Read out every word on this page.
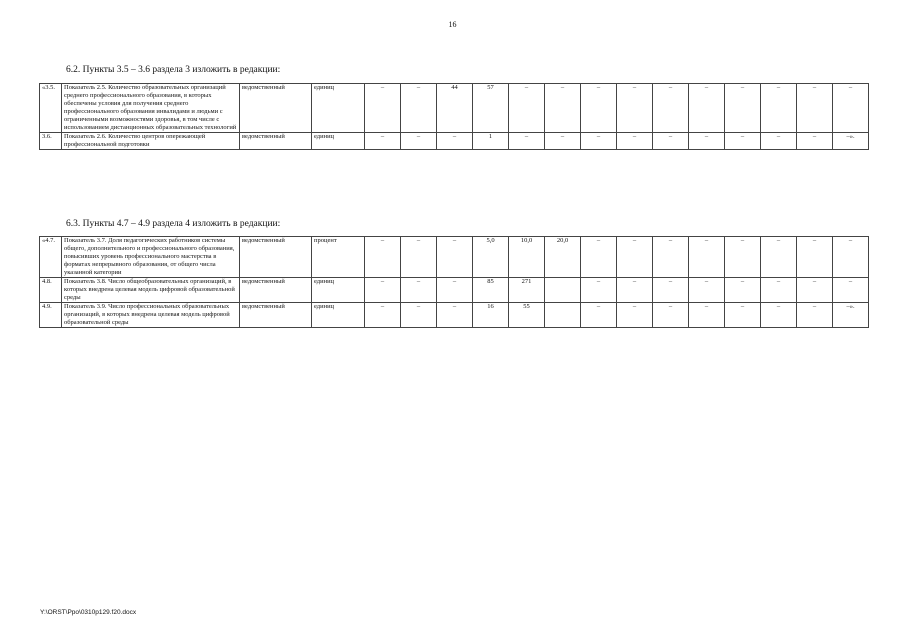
16
6.2. Пункты 3.5 – 3.6 раздела 3 изложить в редакции:
«3.5.	Показатель 2.5. Количество образовательных организаций среднего профессионального образования, в которых обеспечены условия для получения среднего профессионального образования инвалидами и людьми с ограниченными возможностями здоровья, в том числе с использованием дистанционных образовательных технологий	ведомственный	единиц	–	–	44	57	–	–	–	–	–	–	–	–	–	–
3.6.	Показатель 2.6. Количество центров опережающей профессиональной подготовки	ведомственный	единиц	–	–	–	1	–	–	–	–	–	–	–	–	–	–».
6.3. Пункты 4.7 – 4.9 раздела 4 изложить в редакции:
«4.7.	Показатель 3.7. Доля педагогических работников системы общего, дополнительного и профессионального образования, повысивших уровень профессионального мастерства в форматах непрерывного образования, от общего числа указанной категории	ведомственный	процент	–	–	–	5,0	10,0	20,0	–	–	–	–	–	–	–	–
4.8.	Показатель 3.8. Число общеобразовательных организаций, в которых внедрена целевая модель цифровой образовательной среды	ведомственный	единиц	–	–	–	85	271		–	–	–	–	–	–	–	–
4.9.	Показатель 3.9. Число профессиональных образовательных организаций, в которых внедрена целевая модель цифровой образовательной среды	ведомственный	единиц	–	–	–	16	55		–	–	–	–	–	–	–	–».
Y:\ORST\Ppo\0310p129.f20.docx
